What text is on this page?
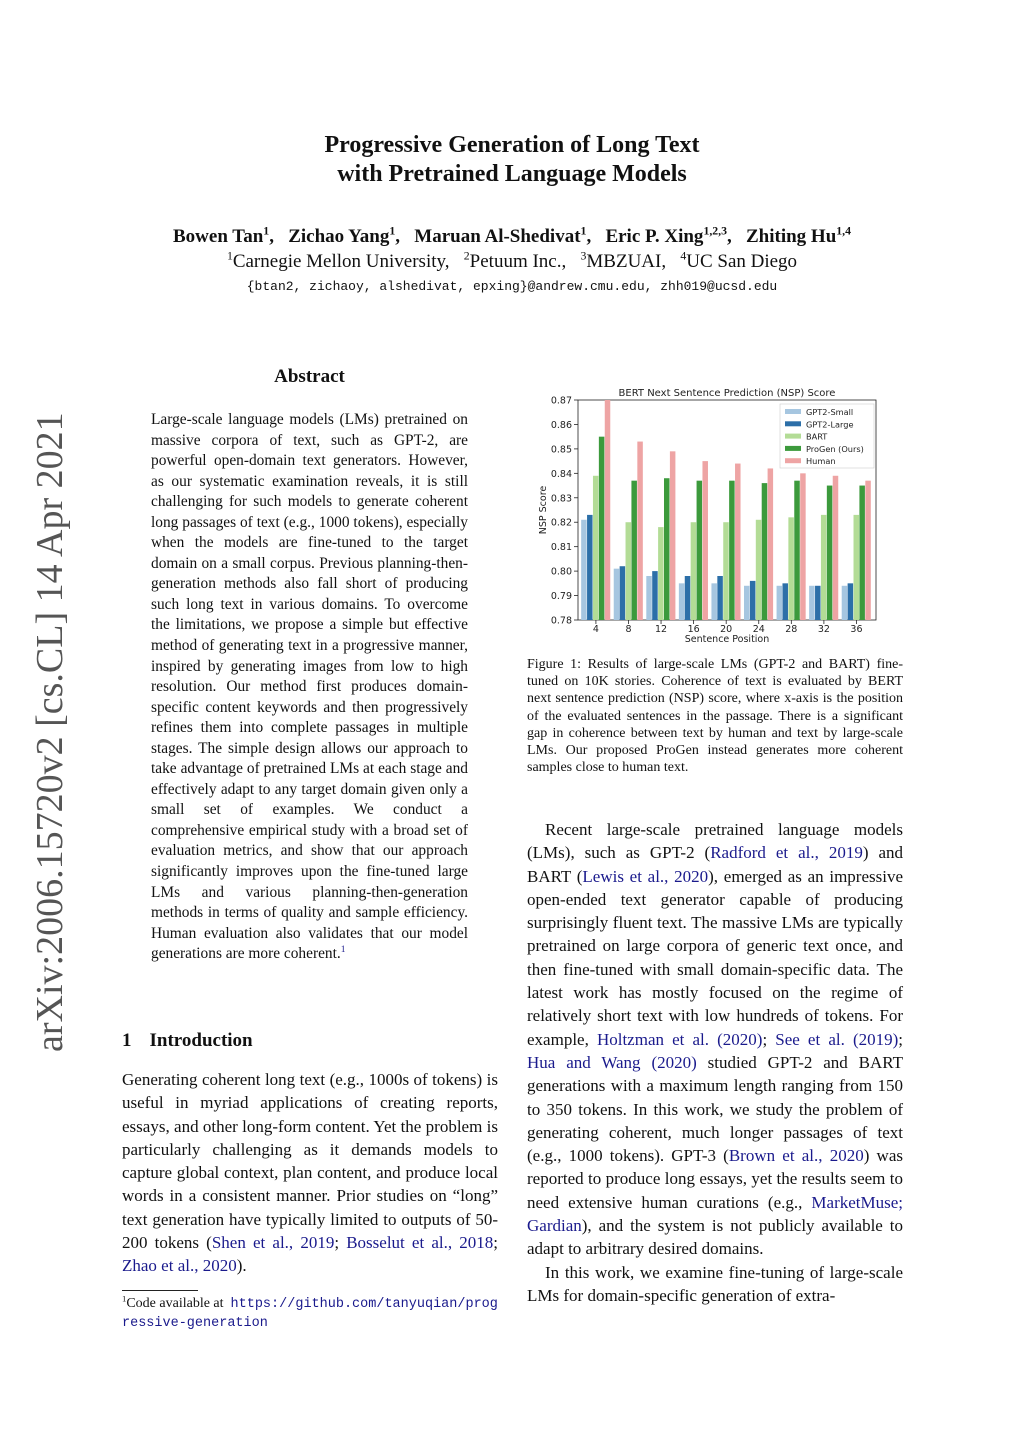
arXiv:2006.15720v2 [cs.CL] 14 Apr 2021
Progressive Generation of Long Text
with Pretrained Language Models
Bowen Tan$^1$,   Zichao Yang$^1$,   Maruan Al-Shedivat$^1$,   Eric P. Xing$^{1,2,3}$,   Zhiting Hu$^{1,4}$
$^1$Carnegie Mellon University, $^2$Petuum Inc., $^3$MBZUAI, $^4$UC San Diego
{btan2, zichaoy, alshedivat, epxing}@andrew.cmu.edu, zhh019@ucsd.edu
Abstract
Large-scale language models (LMs) pretrained on massive corpora of text, such as GPT-2, are powerful open-domain text generators. However, as our systematic examination reveals, it is still challenging for such models to generate coherent long passages of text (e.g., 1000 tokens), especially when the models are fine-tuned to the target domain on a small corpus. Previous planning-then-generation methods also fall short of producing such long text in various domains. To overcome the limitations, we propose a simple but effective method of generating text in a progressive manner, inspired by generating images from low to high resolution. Our method first produces domain-specific content keywords and then progressively refines them into complete passages in multiple stages. The simple design allows our approach to take advantage of pretrained LMs at each stage and effectively adapt to any target domain given only a small set of examples. We conduct a comprehensive empirical study with a broad set of evaluation metrics, and show that our approach significantly improves upon the fine-tuned large LMs and various planning-then-generation methods in terms of quality and sample efficiency. Human evaluation also validates that our model generations are more coherent.$^1$
1 Introduction
Generating coherent long text (e.g., 1000s of tokens) is useful in myriad applications of creating reports, essays, and other long-form content. Yet the problem is particularly challenging as it demands models to capture global context, plan content, and produce local words in a consistent manner. Prior studies on “long” text generation have typically limited to outputs of 50-200 tokens (Shen et al., 2019; Bosselut et al., 2018; Zhao et al., 2020).
$^1$Code available at https://github.com/tanyuqian/progressive-generation
BERT Next Sentence Prediction (NSP) Score
0.78
0.79
0.80
0.81
0.82
0.83
0.84
0.85
0.86
0.87
NSP Score
4	8 12 16 20 24 28 32 36
Sentence Position
GPT2-Small
GPT2-Large
BART
ProGen (Ours)
Human
Figure 1: Results of large-scale LMs (GPT-2 and BART) fine-tuned on 10K stories. Coherence of text is evaluated by BERT next sentence prediction (NSP) score, where x-axis is the position of the evaluated sentences in the passage. There is a significant gap in coherence between text by human and text by large-scale LMs. Our proposed ProGen instead generates more coherent samples close to human text.

Recent large-scale pretrained language models (LMs), such as GPT-2 (Radford et al., 2019) and BART (Lewis et al., 2020), emerged as an impressive open-ended text generator capable of producing surprisingly fluent text. The massive LMs are typically pretrained on large corpora of generic text once, and then fine-tuned with small domain-specific data. The latest work has mostly focused on the regime of relatively short text with low hundreds of tokens. For example, Holtzman et al. (2020); See et al. (2019); Hua and Wang (2020) studied GPT-2 and BART generations with a maximum length ranging from 150 to 350 tokens. In this work, we study the problem of generating coherent, much longer passages of text (e.g., 1000 tokens). GPT-3 (Brown et al., 2020) was reported to produce long essays, yet the results seem to need extensive human curations (e.g., MarketMuse; Gardian), and the system is not publicly available to adapt to arbitrary desired domains.

In this work, we examine fine-tuning of large-scale LMs for domain-specific generation of extra-
